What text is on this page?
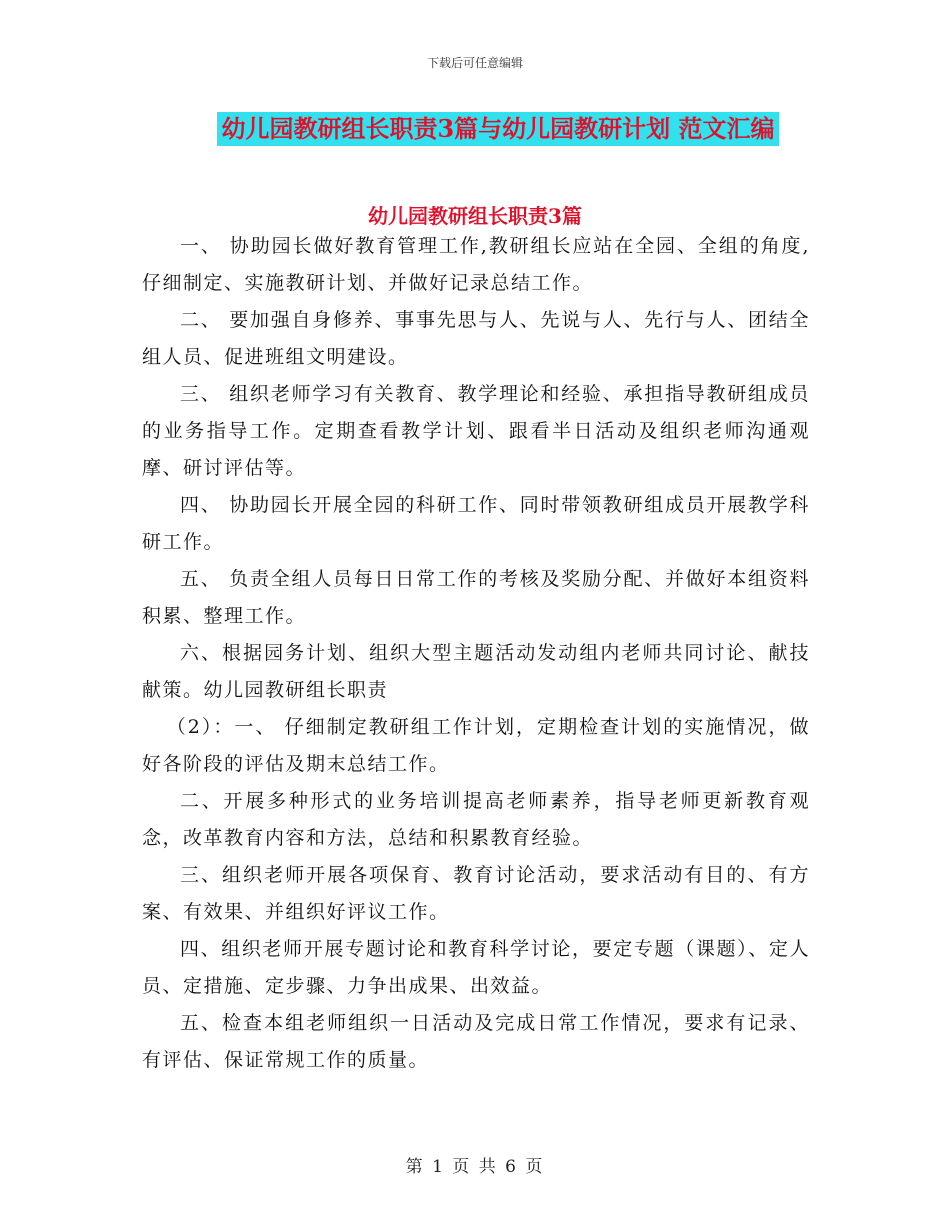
下载后可任意编辑
幼儿园教研组长职责3篇与幼儿园教研计划 范文汇编
幼儿园教研组长职责3篇

一、 协助园长做好教育管理工作,教研组长应站在全园、全组的角度,仔细制定、实施教研计划、并做好记录总结工作。

二、 要加强自身修养、事事先思与人、先说与人、先行与人、团结全组人员、促进班组文明建设。

三、 组织老师学习有关教育、教学理论和经验、承担指导教研组成员的业务指导工作。定期查看教学计划、跟看半日活动及组织老师沟通观摩、研讨评估等。

四、 协助园长开展全园的科研工作、同时带领教研组成员开展教学科研工作。

五、 负责全组人员每日日常工作的考核及奖励分配、并做好本组资料积累、整理工作。

六、根据园务计划、组织大型主题活动发动组内老师共同讨论、献技献策。幼儿园教研组长职责

（2）：一、 仔细制定教研组工作计划，定期检查计划的实施情况，做好各阶段的评估及期末总结工作。

二、开展多种形式的业务培训提高老师素养，指导老师更新教育观念，改革教育内容和方法，总结和积累教育经验。

三、组织老师开展各项保育、教育讨论活动，要求活动有目的、有方案、有效果、并组织好评议工作。

四、组织老师开展专题讨论和教育科学讨论，要定专题（课题）、定人员、定措施、定步骤、力争出成果、出效益。

五、检查本组老师组织一日活动及完成日常工作情况，要求有记录、有评估、保证常规工作的质量。

第 1 页 共 6 页
